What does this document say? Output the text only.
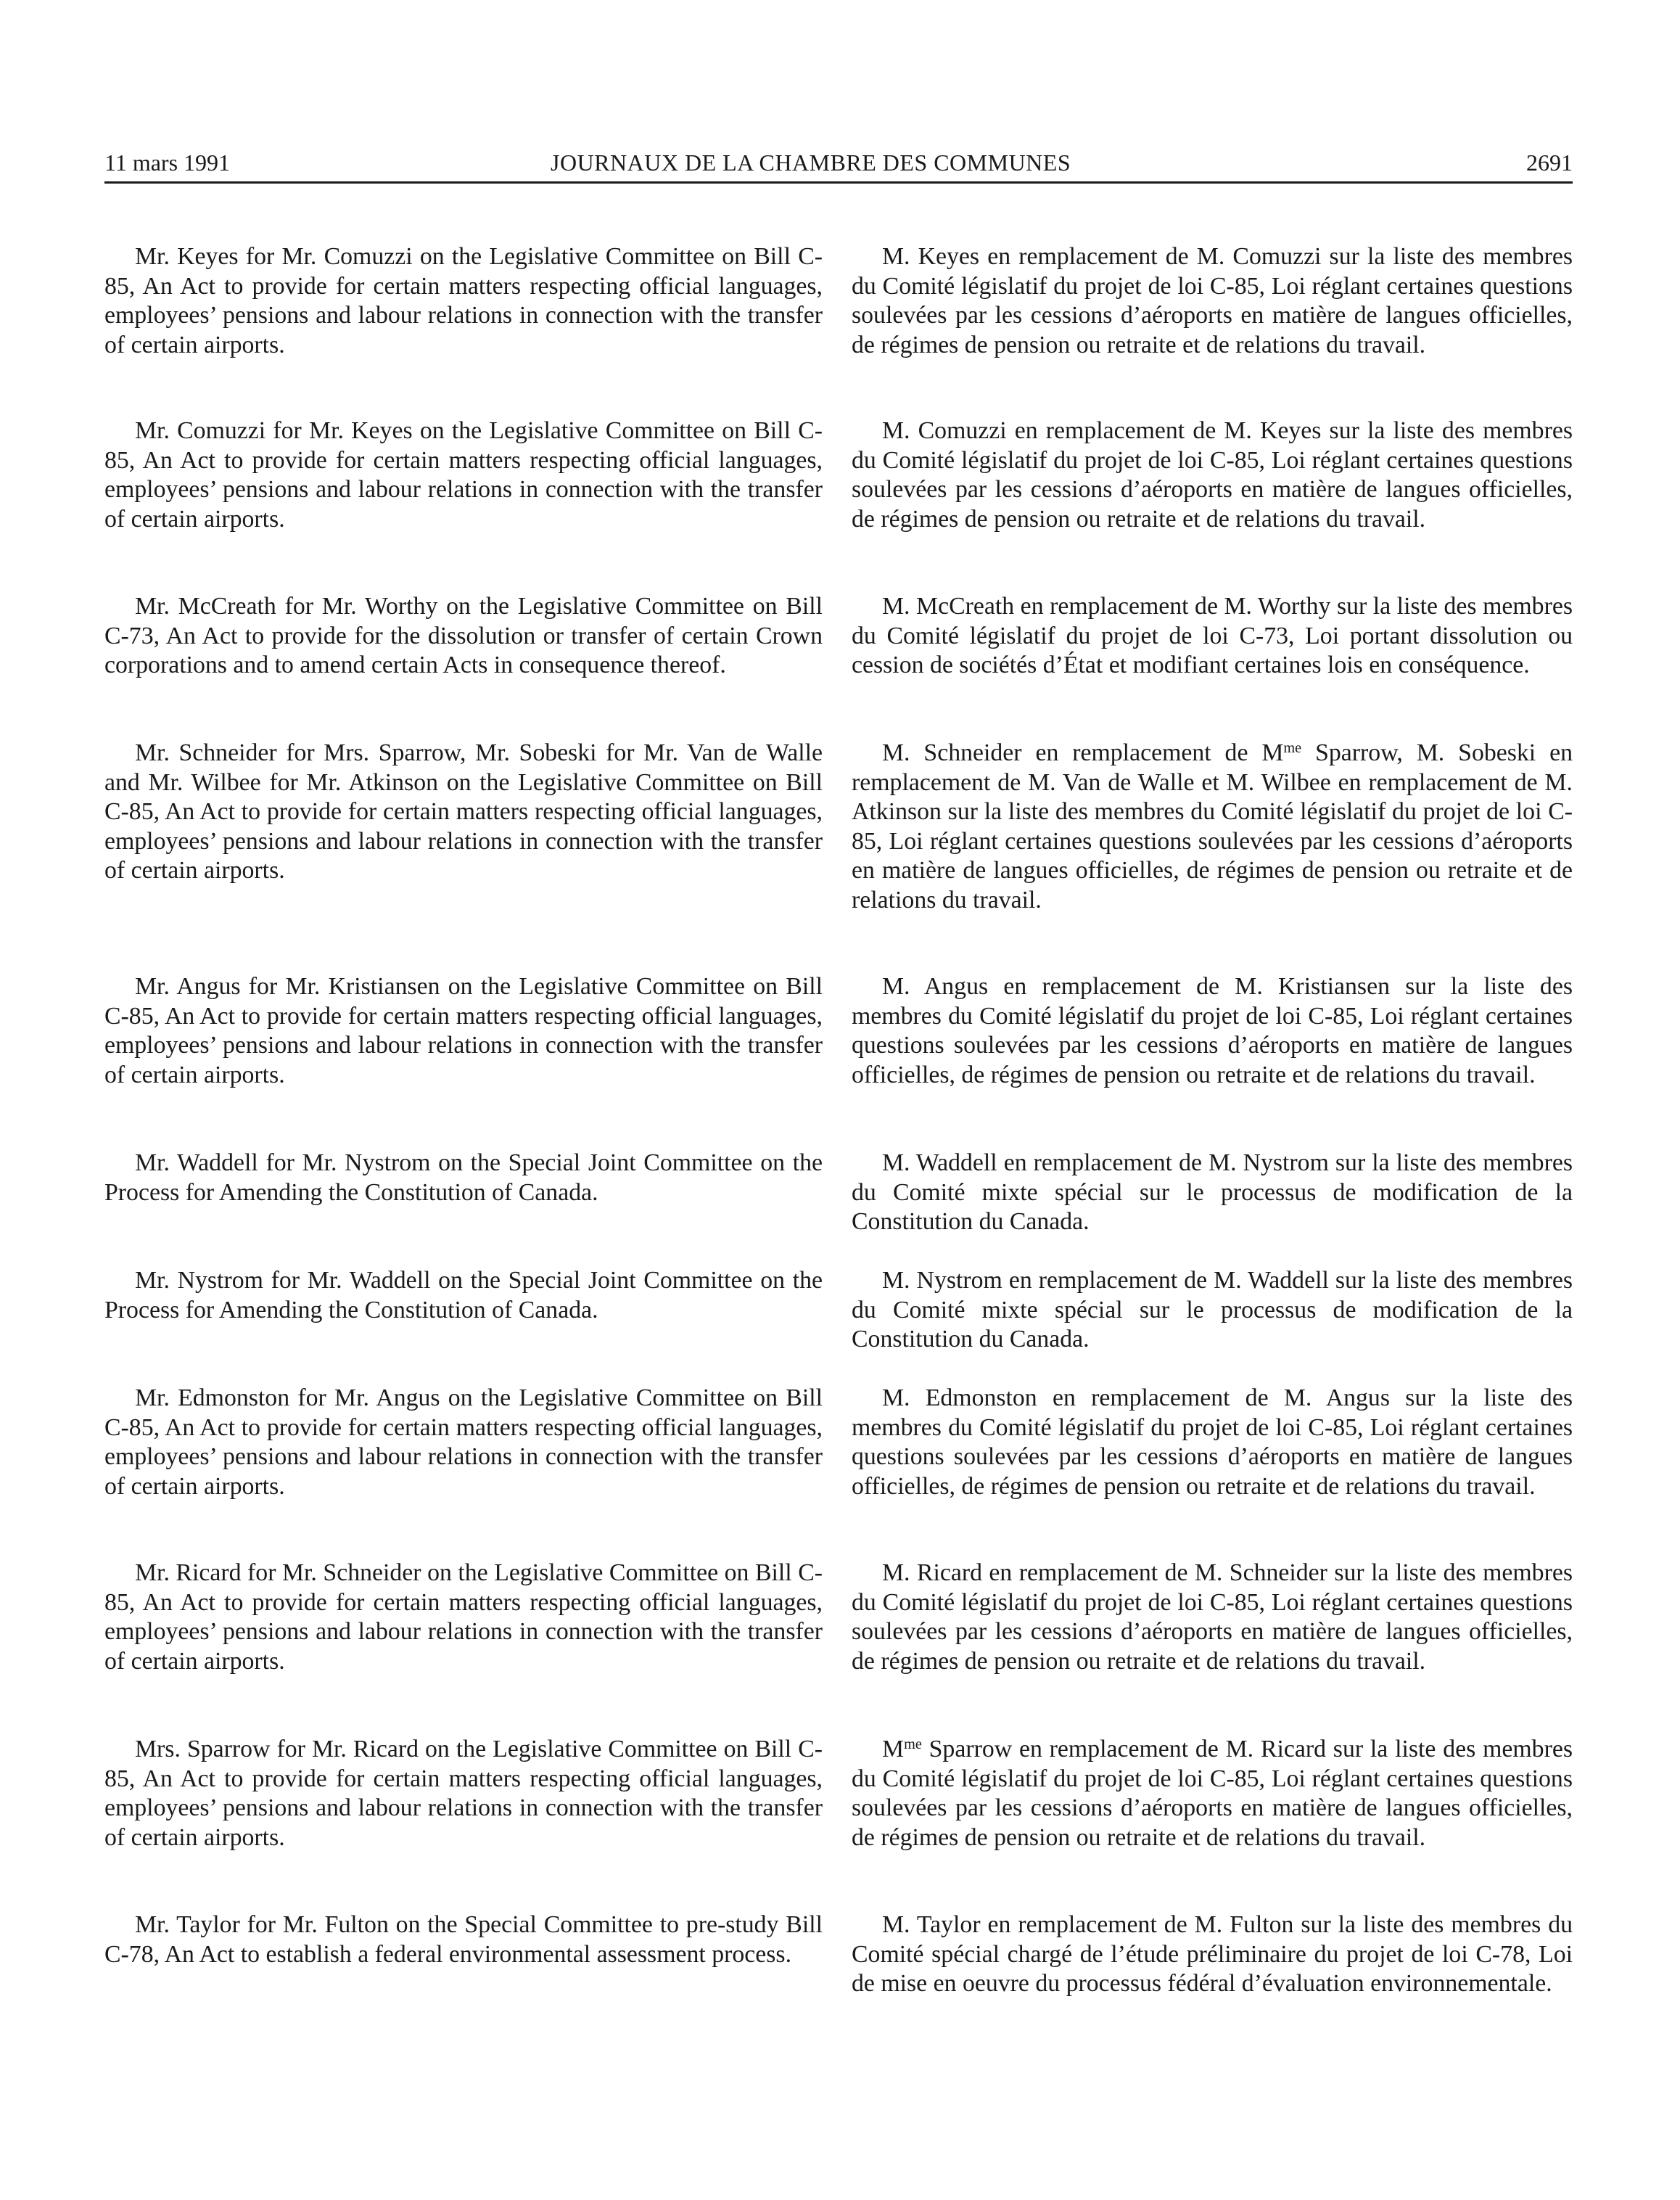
11 mars 1991	JOURNAUX DE LA CHAMBRE DES COMMUNES	2691

Mr. Keyes for Mr. Comuzzi on the Legislative Committee on Bill C-85, An Act to provide for certain matters respecting official languages, employees’ pensions and labour relations in connection with the transfer of certain airports.

Mr. Comuzzi for Mr. Keyes on the Legislative Committee on Bill C-85, An Act to provide for certain matters respecting official languages, employees’ pensions and labour relations in connection with the transfer of certain airports.

Mr. McCreath for Mr. Worthy on the Legislative Committee on Bill C-73, An Act to provide for the dissolution or transfer of certain Crown corporations and to amend certain Acts in consequence thereof.

Mr. Schneider for Mrs. Sparrow, Mr. Sobeski for Mr. Van de Walle and Mr. Wilbee for Mr. Atkinson on the Legislative Committee on Bill C-85, An Act to provide for certain matters respecting official languages, employees’ pensions and labour relations in connection with the transfer of certain airports.

Mr. Angus for Mr. Kristiansen on the Legislative Committee on Bill C-85, An Act to provide for certain matters respecting official languages, employees’ pensions and labour relations in connection with the transfer of certain airports.

Mr. Waddell for Mr. Nystrom on the Special Joint Committee on the Process for Amending the Constitution of Canada.

Mr. Nystrom for Mr. Waddell on the Special Joint Committee on the Process for Amending the Constitution of Canada.

Mr. Edmonston for Mr. Angus on the Legislative Committee on Bill C-85, An Act to provide for certain matters respecting official languages, employees’ pensions and labour relations in connection with the transfer of certain airports.

Mr. Ricard for Mr. Schneider on the Legislative Committee on Bill C-85, An Act to provide for certain matters respecting official languages, employees’ pensions and labour relations in connection with the transfer of certain airports.

Mrs. Sparrow for Mr. Ricard on the Legislative Committee on Bill C-85, An Act to provide for certain matters respecting official languages, employees’ pensions and labour relations in connection with the transfer of certain airports.

Mr. Taylor for Mr. Fulton on the Special Committee to pre-study Bill C-78, An Act to establish a federal environmental assessment process.

M. Keyes en remplacement de M. Comuzzi sur la liste des membres du Comité législatif du projet de loi C-85, Loi réglant certaines questions soulevées par les cessions d’aéroports en matière de langues officielles, de régimes de pension ou retraite et de relations du travail.

M. Comuzzi en remplacement de M. Keyes sur la liste des membres du Comité législatif du projet de loi C-85, Loi réglant certaines questions soulevées par les cessions d’aéroports en matière de langues officielles, de régimes de pension ou retraite et de relations du travail.

M. McCreath en remplacement de M. Worthy sur la liste des membres du Comité législatif du projet de loi C-73, Loi portant dissolution ou cession de sociétés d’État et modifiant certaines lois en conséquence.

M. Schneider en remplacement de $M^{me}$ Sparrow, M. Sobeski en remplacement de M. Van de Walle et M. Wilbee en remplacement de M. Atkinson sur la liste des membres du Comité législatif du projet de loi C-85, Loi réglant certaines questions soulevées par les cessions d’aéroports en matière de langues officielles, de régimes de pension ou retraite et de relations du travail.

M. Angus en remplacement de M. Kristiansen sur la liste des membres du Comité législatif du projet de loi C-85, Loi réglant certaines questions soulevées par les cessions d’aéroports en matière de langues officielles, de régimes de pension ou retraite et de relations du travail.

M. Waddell en remplacement de M. Nystrom sur la liste des membres du Comité mixte spécial sur le processus de modification de la Constitution du Canada.

M. Nystrom en remplacement de M. Waddell sur la liste des membres du Comité mixte spécial sur le processus de modification de la Constitution du Canada.

M. Edmonston en remplacement de M. Angus sur la liste des membres du Comité législatif du projet de loi C-85, Loi réglant certaines questions soulevées par les cessions d’aéroports en matière de langues officielles, de régimes de pension ou retraite et de relations du travail.

M. Ricard en remplacement de M. Schneider sur la liste des membres du Comité législatif du projet de loi C-85, Loi réglant certaines questions soulevées par les cessions d’aéroports en matière de langues officielles, de régimes de pension ou retraite et de relations du travail.

$M^{me}$ Sparrow en remplacement de M. Ricard sur la liste des membres du Comité législatif du projet de loi C-85, Loi réglant certaines questions soulevées par les cessions d’aéroports en matière de langues officielles, de régimes de pension ou retraite et de relations du travail.

M. Taylor en remplacement de M. Fulton sur la liste des membres du Comité spécial chargé de l’étude préliminaire du projet de loi C-78, Loi de mise en oeuvre du processus fédéral d’évaluation environnementale.
